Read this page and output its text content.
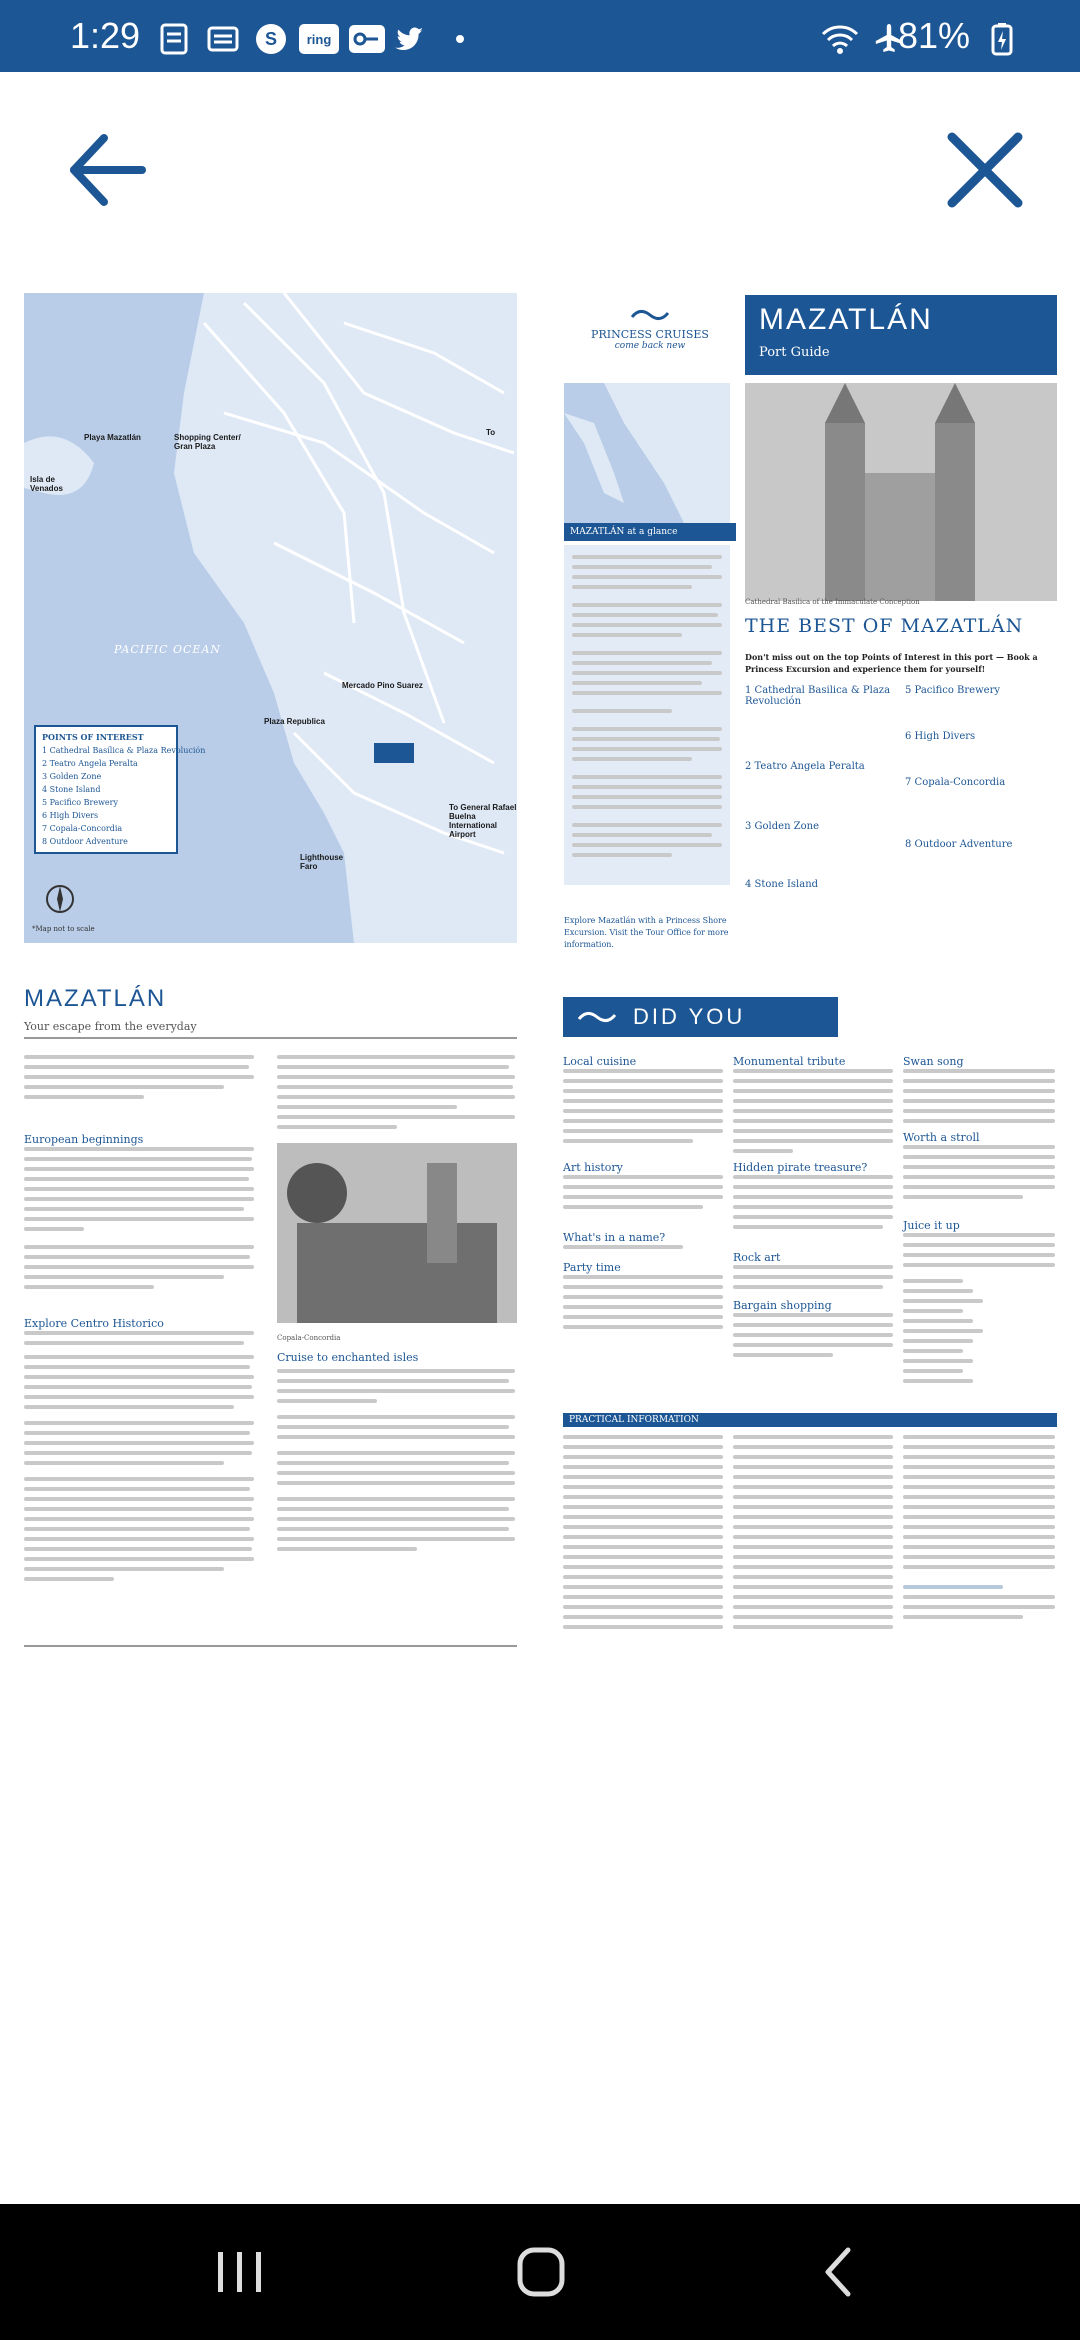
1:29	S ring	81%
Playa Mazatlán	Shopping Center/ Gran Plaza
Isla de Venados
Mercado Pino Suarez
Plaza Republica
Lighthouse Faro
To General Rafael Buelna International Airport
To
PACIFIC OCEAN
POINTS OF INTEREST
1 Cathedral Basílica & Plaza Revolución
2 Teatro Angela Peralta
3 Golden Zone
4 Stone Island
5 Pacifico Brewery
6 High Divers
7 Copala-Concordia
8 Outdoor Adventure
*Map not to scale
PRINCESS CRUISES
come back new
MAZATLÁN
Port Guide
MAZATLÁN at a glance
Explore Mazatlán with a Princess Shore Excursion. Visit the Tour Office for more information.
Cathedral Basilica of the Immaculate Conception
THE BEST OF MAZATLÁN
Don't miss out on the top Points of Interest in this port — Book a Princess Excursion and experience them for yourself!
1 Cathedral Basilica & Plaza Revolución
2 Teatro Angela Peralta
3 Golden Zone
4 Stone Island
5 Pacifico Brewery
6 High Divers
7 Copala-Concordia
8 Outdoor Adventure
MAZATLÁN
Your escape from the everyday
European beginnings
Explore Centro Historico
Cruise to enchanted isles
Copala-Concordia
DID YOU KNOW?
Local cuisine
Art history
What's in a name?
Party time
Monumental tribute
Hidden pirate treasure?
Rock art
Bargain shopping
Swan song
Worth a stroll
Juice it up
PRACTICAL INFORMATION
